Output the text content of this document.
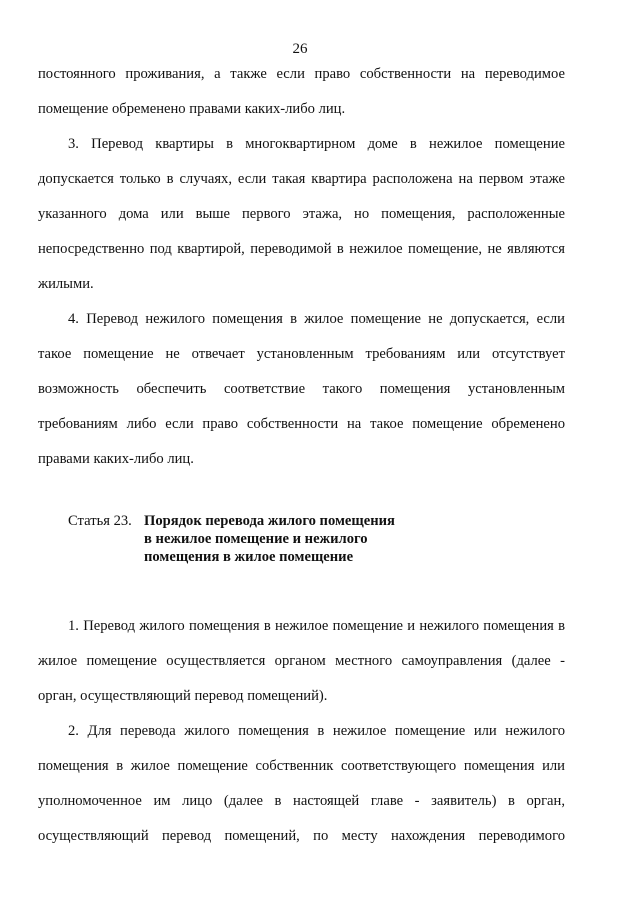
26

постоянного проживания, а также если право собственности на переводимое помещение обременено правами каких-либо лиц.

3. Перевод квартиры в многоквартирном доме в нежилое помещение допускается только в случаях, если такая квартира расположена на первом этаже указанного дома или выше первого этажа, но помещения, расположенные непосредственно под квартирой, переводимой в нежилое помещение, не являются жилыми.

4. Перевод нежилого помещения в жилое помещение не допускается, если такое помещение не отвечает установленным требованиям или отсутствует возможность обеспечить соответствие такого помещения установленным требованиям либо если право собственности на такое помещение обременено правами каких-либо лиц.

Статья 23. Порядок перевода жилого помещения
в нежилое помещение и нежилого
помещения в жилое помещение

1. Перевод жилого помещения в нежилое помещение и нежилого помещения в жилое помещение осуществляется органом местного самоуправления (далее - орган, осуществляющий перевод помещений).

2. Для перевода жилого помещения в нежилое помещение или нежилого помещения в жилое помещение собственник соответствующего помещения или уполномоченное им лицо (далее в настоящей главе - заявитель) в орган, осуществляющий перевод помещений, по месту нахождения переводимого
